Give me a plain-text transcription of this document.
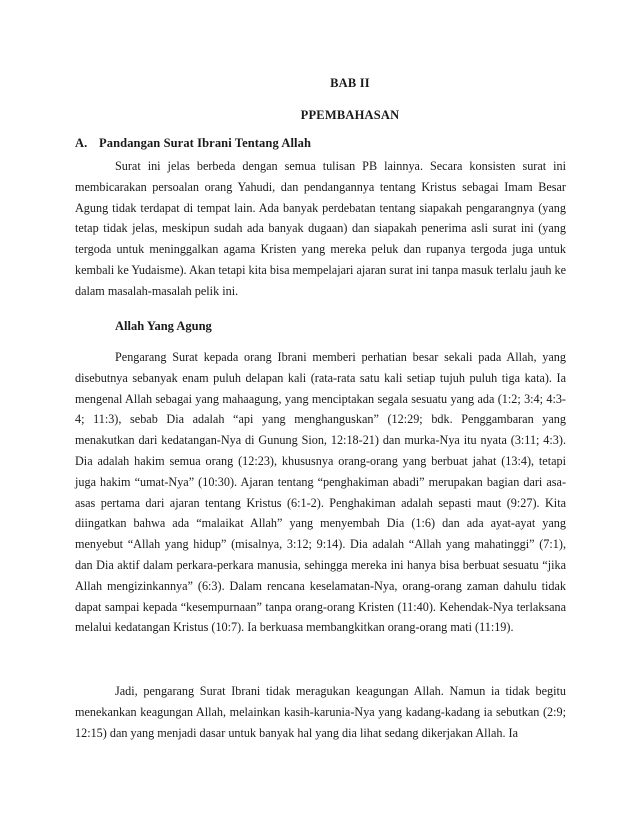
BAB II
PPEMBAHASAN
A. Pandangan Surat Ibrani Tentang Allah

Surat ini jelas berbeda dengan semua tulisan PB lainnya. Secara konsisten surat ini membicarakan persoalan orang Yahudi, dan pendangannya tentang Kristus sebagai Imam Besar Agung tidak terdapat di tempat lain. Ada banyak perdebatan tentang siapakah pengarangnya (yang tetap tidak jelas, meskipun sudah ada banyak dugaan) dan siapakah penerima asli surat ini (yang tergoda untuk meninggalkan agama Kristen yang mereka peluk dan rupanya tergoda juga untuk kembali ke Yudaisme). Akan tetapi kita bisa mempelajari ajaran surat ini tanpa masuk terlalu jauh ke dalam masalah-masalah pelik ini.

Allah Yang Agung

Pengarang Surat kepada orang Ibrani memberi perhatian besar sekali pada Allah, yang disebutnya sebanyak enam puluh delapan kali (rata-rata satu kali setiap tujuh puluh tiga kata). Ia mengenal Allah sebagai yang mahaagung, yang menciptakan segala sesuatu yang ada (1:2; 3:4; 4:3-4; 11:3), sebab Dia adalah “api yang menghanguskan” (12:29; bdk. Penggambaran yang menakutkan dari kedatangan-Nya di Gunung Sion, 12:18-21) dan murka-Nya itu nyata (3:11; 4:3). Dia adalah hakim semua orang (12:23), khususnya orang-orang yang berbuat jahat (13:4), tetapi juga hakim “umat-Nya” (10:30). Ajaran tentang “penghakiman abadi” merupakan bagian dari asa-asas pertama dari ajaran tentang Kristus (6:1-2). Penghakiman adalah sepasti maut (9:27). Kita diingatkan bahwa ada “malaikat Allah” yang menyembah Dia (1:6) dan ada ayat-ayat yang menyebut “Allah yang hidup” (misalnya, 3:12; 9:14). Dia adalah “Allah yang mahatinggi” (7:1), dan Dia aktif dalam perkara-perkara manusia, sehingga mereka ini hanya bisa berbuat sesuatu “jika Allah mengizinkannya” (6:3). Dalam rencana keselamatan-Nya, orang-orang zaman dahulu tidak dapat sampai kepada “kesempurnaan” tanpa orang-orang Kristen (11:40). Kehendak-Nya terlaksana melalui kedatangan Kristus (10:7). Ia berkuasa membangkitkan orang-orang mati (11:19).

Jadi, pengarang Surat Ibrani tidak meragukan keagungan Allah. Namun ia tidak begitu menekankan keagungan Allah, melainkan kasih-karunia-Nya yang kadang-kadang ia sebutkan (2:9; 12:15) dan yang menjadi dasar untuk banyak hal yang dia lihat sedang dikerjakan Allah. Ia
